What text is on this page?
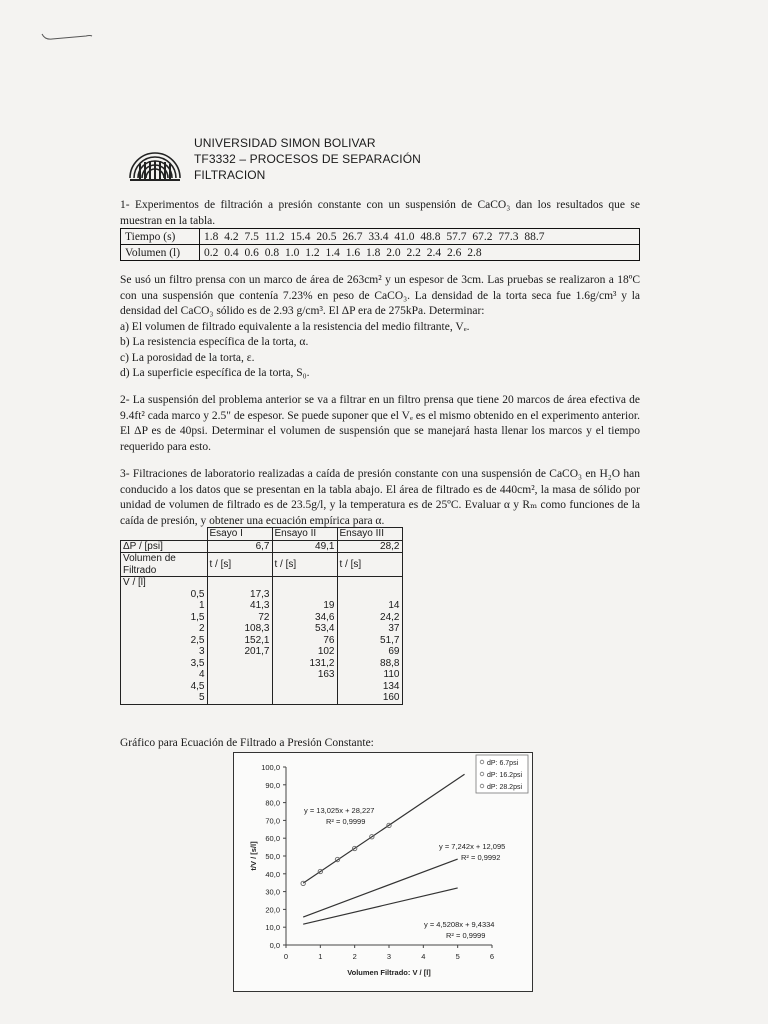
UNIVERSIDAD SIMON BOLIVAR
TF3332 – PROCESOS DE SEPARACIÓN
FILTRACION

1- Experimentos de filtración a presión constante con un suspensión de CaCO₃ dan los resultados que se muestran en la tabla.

Tiempo (s)	1.8 4.2 7.5 11.2 15.4 20.5 26.7 33.4 41.0 48.8 57.7 67.2 77.3 88.7
Volumen (l)	0.2 0.4 0.6 0.8 1.0 1.2 1.4 1.6 1.8 2.0 2.2 2.4 2.6 2.8

Se usó un filtro prensa con un marco de área de 263cm² y un espesor de 3cm. Las pruebas se realizaron a 18ºC con una suspensión que contenía 7.23% en peso de CaCO₃. La densidad de la torta seca fue 1.6g/cm³ y la densidad del CaCO₃ sólido es de 2.93 g/cm³. El ΔP era de 275kPa. Determinar:

a) El volumen de filtrado equivalente a la resistencia del medio filtrante, Vₑ.

b) La resistencia específica de la torta, α.

c) La porosidad de la torta, ε.

d) La superficie específica de la torta, S₀.

2- La suspensión del problema anterior se va a filtrar en un filtro prensa que tiene 20 marcos de área efectiva de 9.4ft² cada marco y 2.5" de espesor. Se puede suponer que el Vₑ es el mismo obtenido en el experimento anterior. El ΔP es de 40psi. Determinar el volumen de suspensión que se manejará hasta llenar los marcos y el tiempo requerido para esto.

3- Filtraciones de laboratorio realizadas a caída de presión constante con una suspensión de CaCO₃ en H₂O han conducido a los datos que se presentan en la tabla abajo. El área de filtrado es de 440cm², la masa de sólido por unidad de volumen de filtrado es de 23.5g/l, y la temperatura es de 25ºC. Evaluar α y Rₘ como funciones de la caída de presión, y obtener una ecuación empírica para α.

	Esayo I	Ensayo II	Ensayo III
ΔP / [psi]	6,7	49,1	28,2
Volumen de Filtrado	t / [s]	t / [s]	t / [s]
V / [l]			
0,5	17,3		
1	41,3	19	14
1,5	72	34,6	24,2
2	108,3	53,4	37
2,5	152,1	76	51,7
3	201,7	102	69
3,5		131,2	88,8
4		163	110
4,5			134
5			160
Gráfico para Ecuación de Filtrado a Presión Constante:
0,0
10,0
20,0
30,0
40,0
50,0
60,0
70,0
80,0
90,0
100,0
0	1	2	3	4	5	6
Volumen Filtrado: V / [l]
t/V / [s/l]
y = 13,025x + 28,227
R² = 0,9999
y = 7,242x + 12,095
R² = 0,9992
y = 4,5208x + 9,4334
R² = 0,9999
dP: 6.7psi
dP: 16.2psi
dP: 28.2psi
